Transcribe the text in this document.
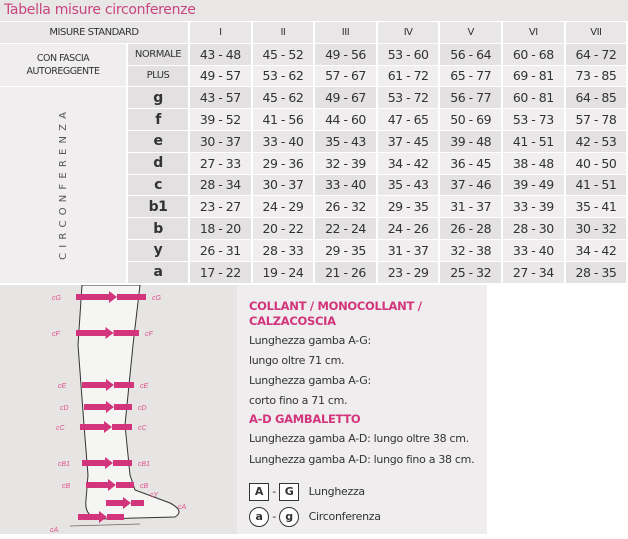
Tabella misure circonferenze
MISURE STANDARD	I	II	III	IV	V	VI	VII
CON FASCIA
AUTOREGGENTE
C I R C O N F E R E N Z A
NORMALE	43 - 48	45 - 52	49 - 56	53 - 60	56 - 64	60 - 68	64 - 72
PLUS	49 - 57	53 - 62	57 - 67	61 - 72	65 - 77	69 - 81	73 - 85
g	43 - 57	45 - 62	49 - 67	53 - 72	56 - 77	60 - 81	64 - 85
f	39 - 52	41 - 56	44 - 60	47 - 65	50 - 69	53 - 73	57 - 78
e	30 - 37	33 - 40	35 - 43	37 - 45	39 - 48	41 - 51	42 - 53
d	27 - 33	29 - 36	32 - 39	34 - 42	36 - 45	38 - 48	40 - 50
c	28 - 34	30 - 37	33 - 40	35 - 43	37 - 46	39 - 49	41 - 51
b1	23 - 27	24 - 29	26 - 32	29 - 35	31 - 37	33 - 39	35 - 41
b	18 - 20	20 - 22	22 - 24	24 - 26	26 - 28	28 - 30	30 - 32
y	26 - 31	28 - 33	29 - 35	31 - 37	32 - 38	33 - 40	34 - 42
a	17 - 22	19 - 24	21 - 26	23 - 29	25 - 32	27 - 34	28 - 35
cG	cG
cF	cF
cE	cE
cD	cD
cC	cC
cB1	cB1
cB	cB
cY
cA
cA
COLLANT / MONOCOLLANT /
CALZACOSCIA
Lunghezza gamba A-G:
lungo oltre 71 cm.
Lunghezza gamba A-G:
corto fino a 71 cm.
A-D GAMBALETTO
Lunghezza gamba A-D: lungo oltre 38 cm.
Lunghezza gamba A-D: lungo fino a 38 cm.
A - G Lunghezza
a - g Circonferenza
